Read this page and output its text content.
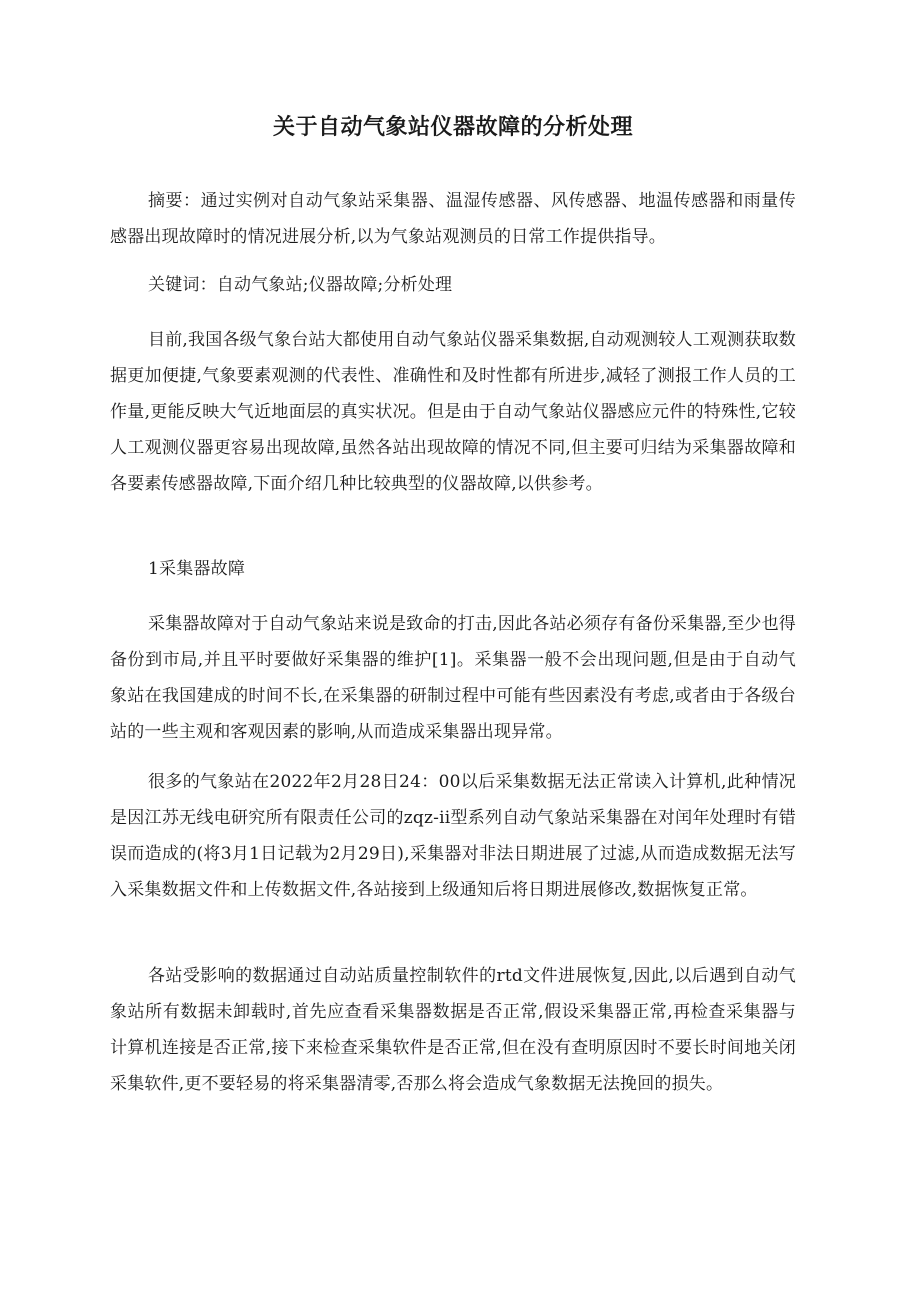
关于自动气象站仪器故障的分析处理

摘要：通过实例对自动气象站采集器、温湿传感器、风传感器、地温传感器和雨量传感器出现故障时的情况进展分析,以为气象站观测员的日常工作提供指导。

关键词：自动气象站;仪器故障;分析处理

目前,我国各级气象台站大都使用自动气象站仪器采集数据,自动观测较人工观测获取数据更加便捷,气象要素观测的代表性、准确性和及时性都有所进步,减轻了测报工作人员的工作量,更能反映大气近地面层的真实状况。但是由于自动气象站仪器感应元件的特殊性,它较人工观测仪器更容易出现故障,虽然各站出现故障的情况不同,但主要可归结为采集器故障和各要素传感器故障,下面介绍几种比较典型的仪器故障,以供参考。

1采集器故障

采集器故障对于自动气象站来说是致命的打击,因此各站必须存有备份采集器,至少也得备份到市局,并且平时要做好采集器的维护[1]。采集器一般不会出现问题,但是由于自动气象站在我国建成的时间不长,在采集器的研制过程中可能有些因素没有考虑,或者由于各级台站的一些主观和客观因素的影响,从而造成采集器出现异常。

很多的气象站在2022年2月28日24：00以后采集数据无法正常读入计算机,此种情况是因江苏无线电研究所有限责任公司的zqz-ii型系列自动气象站采集器在对闰年处理时有错误而造成的(将3月1日记载为2月29日),采集器对非法日期进展了过滤,从而造成数据无法写入采集数据文件和上传数据文件,各站接到上级通知后将日期进展修改,数据恢复正常。

各站受影响的数据通过自动站质量控制软件的rtd文件进展恢复,因此,以后遇到自动气象站所有数据未卸载时,首先应查看采集器数据是否正常,假设采集器正常,再检查采集器与计算机连接是否正常,接下来检查采集软件是否正常,但在没有查明原因时不要长时间地关闭采集软件,更不要轻易的将采集器清零,否那么将会造成气象数据无法挽回的损失。
